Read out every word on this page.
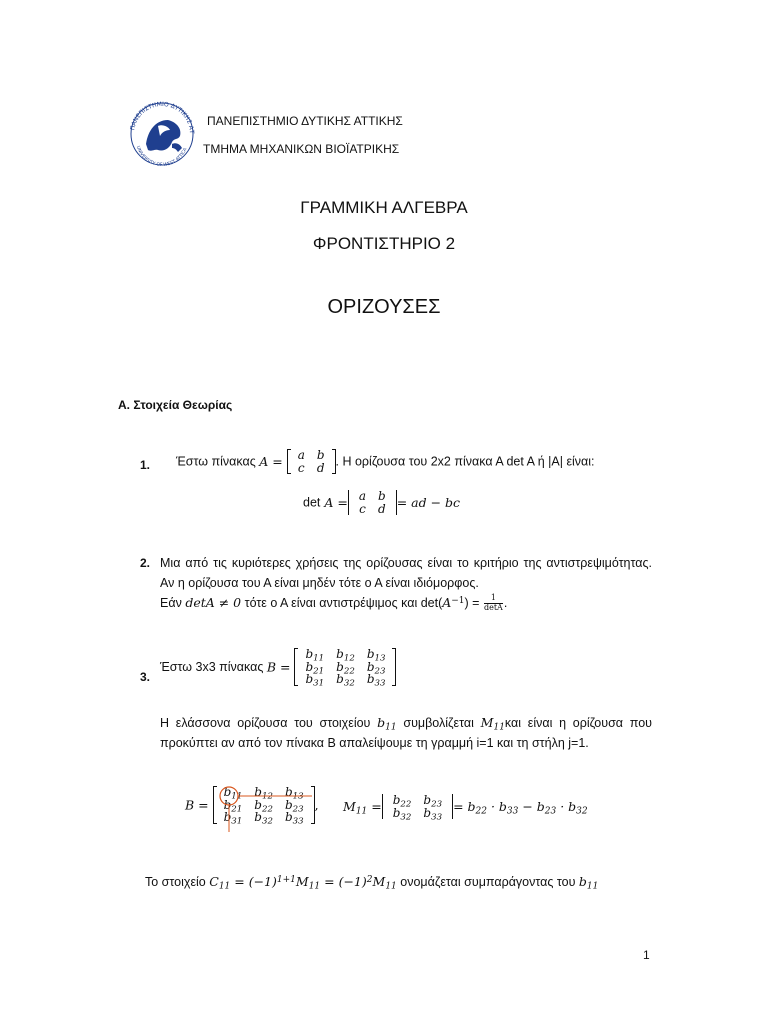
ΠΑΝΕΠΙΣΤΗΜΙΟ ΔΥΤΙΚΗΣ ΑΤ
UNIVERSITY OF WEST ATTICA
ΠΑΝΕΠΙΣΤΗΜΙΟ ΔΥΤΙΚΗΣ ΑΤΤΙΚΗΣ
ΤΜΗΜΑ ΜΗΧΑΝΙΚΩΝ ΒΙΟΪΑΤΡΙΚΗΣ
ΓΡΑΜΜΙΚΗ ΑΛΓΕΒΡΑ
ΦΡΟΝΤΙΣΤΗΡΙΟ 2
ΟΡΙΖΟΥΣΕΣ
Α. Στοιχεία Θεωρίας
1. Έστω πίνακας A = a	b
c	d . Η ορίζουσα του 2x2 πίνακα Α det A ή |A| είναι:
det A = a	b
c	d = ad − bc
2. Μια από τις κυριότερες χρήσεις της ορίζουσας είναι το κριτήριο της αντιστρεψιμότητας. Αν η ορίζουσα του Α είναι μηδέν τότε ο Α είναι ιδιόμορφος.
Εάν detA ≠ 0 τότε ο Α είναι αντιστρέψιμος και $\det(A^{-1}) = \frac{1}{\det A}$ .
3.
Έστω 3x3 πίνακας B =
$b_{11}$	$b_{12}$	$b_{13}$
$b_{21}$	$b_{22}$	$b_{23}$
$b_{31}$	$b_{32}$	$b_{33}$
Η ελάσσονα ορίζουσα του στοιχείου $b_{11}$ συμβολίζεται $M_{11}\kappa\alpha\iota$ είναι η ορίζουσα που προκύπτει αν από τον πίνακα Β απαλείψουμε τη γραμμή i=1 και τη στήλη j=1.
B =
$b_{11}$	$b_{12}$	$b_{13}$
$b_{21}$	$b_{22}$	$b_{23}$
$b_{31}$	$b_{32}$	$b_{33}$
, $M_{11} = b_{22}$	$b_{23}$
$b_{32}$	$b_{33}$
= $b_{22} \cdot b_{33} - b_{23} \cdot b_{32}$
Το στοιχείο $C_{11} = (-1)^{1+1}M_{11} = (-1)^2M_{11}$ ονομάζεται συμπαράγοντας του $b_{11}$
1
